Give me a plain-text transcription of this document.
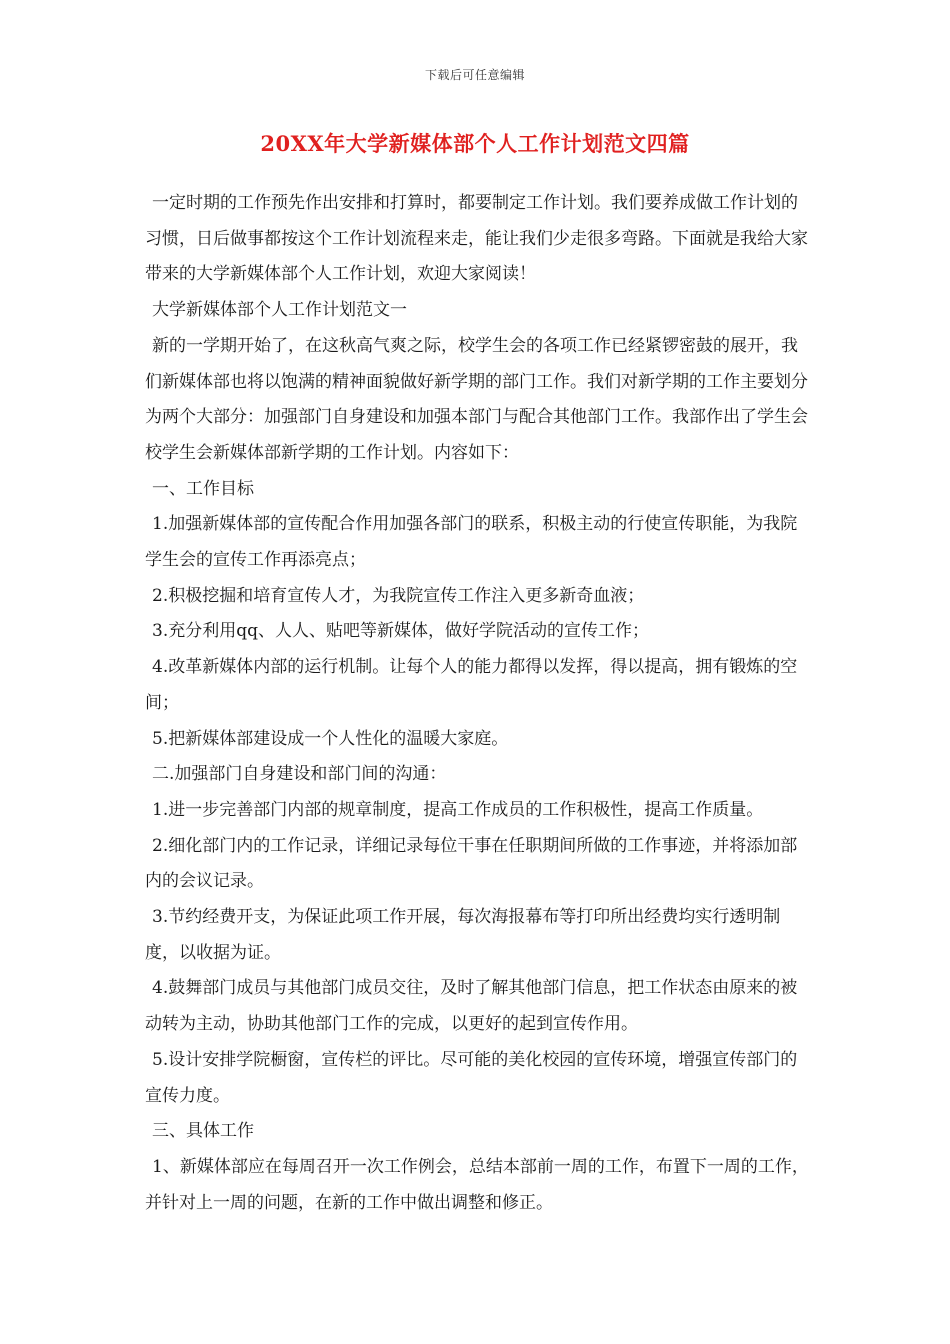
下载后可任意编辑
20XX年大学新媒体部个人工作计划范文四篇

一定时期的工作预先作出安排和打算时，都要制定工作计划。我们要养成做工作计划的习惯，日后做事都按这个工作计划流程来走，能让我们少走很多弯路。下面就是我给大家带来的大学新媒体部个人工作计划，欢迎大家阅读！

大学新媒体部个人工作计划范文一

新的一学期开始了，在这秋高气爽之际，校学生会的各项工作已经紧锣密鼓的展开，我们新媒体部也将以饱满的精神面貌做好新学期的部门工作。我们对新学期的工作主要划分为两个大部分：加强部门自身建设和加强本部门与配合其他部门工作。我部作出了学生会校学生会新媒体部新学期的工作计划。内容如下：

一、工作目标

1.加强新媒体部的宣传配合作用加强各部门的联系，积极主动的行使宣传职能，为我院学生会的宣传工作再添亮点；

2.积极挖掘和培育宣传人才，为我院宣传工作注入更多新奇血液；

3.充分利用qq、人人、贴吧等新媒体，做好学院活动的宣传工作；

4.改革新媒体内部的运行机制。让每个人的能力都得以发挥，得以提高，拥有锻炼的空间；

5.把新媒体部建设成一个人性化的温暖大家庭。

二.加强部门自身建设和部门间的沟通：

1.进一步完善部门内部的规章制度，提高工作成员的工作积极性，提高工作质量。

2.细化部门内的工作记录，详细记录每位干事在任职期间所做的工作事迹，并将添加部内的会议记录。

3.节约经费开支，为保证此项工作开展，每次海报幕布等打印所出经费均实行透明制度，以收据为证。

4.鼓舞部门成员与其他部门成员交往，及时了解其他部门信息，把工作状态由原来的被动转为主动，协助其他部门工作的完成，以更好的起到宣传作用。

5.设计安排学院橱窗，宣传栏的评比。尽可能的美化校园的宣传环境，增强宣传部门的宣传力度。

三、具体工作

1、新媒体部应在每周召开一次工作例会，总结本部前一周的工作，布置下一周的工作，并针对上一周的问题，在新的工作中做出调整和修正。
